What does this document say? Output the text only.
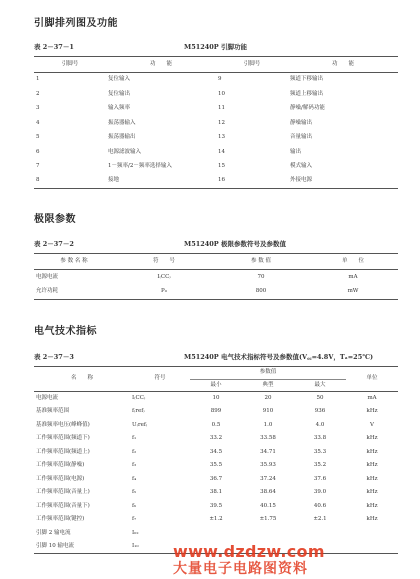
引脚排列图及功能
表 2－37－1	M51240P 引脚功能
引脚号	功　　能	引脚号	功　　能
1	复位输入	9	频道下移输出
2	复位输出	10	频道上移输出
3	输入频率	11	静噪/解码功能
4	振荡器输入	12	静噪输出
5	振荡器输出	13	音量输出
6	电源滤波输入	14	输出
7	1－频率/2－频率选择输入	15	模式输入
8	接地	16	外接电源
极限参数
表 2－37－2	M51240P 极限参数符号及参数值
参 数 名 称	符　　号	参 数 值	单　　位
电源电流	I₍CC₎	70	mA
允许功耗	P₀	800	mW
电气技术指标
表 2－37－3	M51240P 电气技术指标符号及参数值(V꜀꜀=4.8V，Tₐ=25℃)
名　　称	符号	参数值			单位
		最小	典型	最大	
电源电流	I₍CC₎	10	20	50	mA
基准频率范围	f₍ref₎	899	910	936	kHz
基准频率电压(峰峰值)	U₍ref₎	0.5	1.0	4.0	V
工作频率范围(频道下)	f₁	33.2	33.58	33.8	kHz
工作频率范围(频道上)	f₂	34.5	34.71	35.3	kHz
工作频率范围(静噪)	f₃	35.5	35.93	35.2	kHz
工作频率范围(电源)	f₄	36.7	37.24	37.6	kHz
工作频率范围(音量上)	f₅	38.1	38.64	39.0	kHz
工作频率范围(音量下)	f₆	39.5	40.15	40.6	kHz
工作频率范围(键控)	f₇	±1.2	±1.75	±2.1	kHz
引脚 2 输电流	I₀₂				
引脚 10 输电流	I₁₀				www.dzdzw.com
大量电子电路图资料
